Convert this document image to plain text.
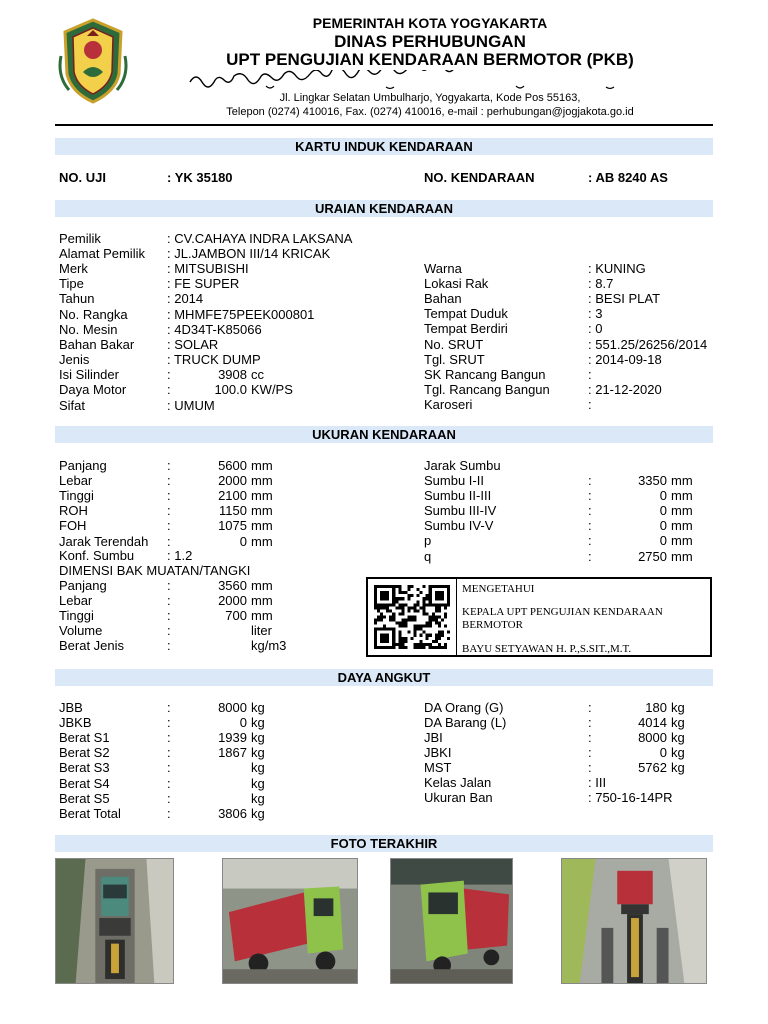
PEMERINTAH KOTA YOGYAKARTA
DINAS PERHUBUNGAN
UPT PENGUJIAN KENDARAAN BERMOTOR (PKB)
Jl. Lingkar Selatan Umbulharjo, Yogyakarta, Kode Pos 55163,
Telepon (0274) 410016, Fax. (0274) 410016, e-mail : perhubungan@jogjakota.go.id
KARTU INDUK KENDARAAN
NO. UJI	: YK 35180	NO. KENDARAAN	: AB 8240 AS
URAIAN KENDARAAN
Isi Silinder	:	3908 cc
Daya Motor	:	100.0 KW/PS
Sifat	: UMUM
UKURAN KENDARAAN
Konf. Sumbu	: 1.2
DIMENSI BAK MUATAN/TANGKI
Jarak Sumbu
MENGETAHUI
KEPALA UPT PENGUJIAN KENDARAAN
BERMOTOR
BAYU SETYAWAN H. P.,S.SIT.,M.T.
DAYA ANGKUT
FOTO TERAKHIR
Pemilik	: CV.CAHAYA INDRA LAKSANA
Alamat Pemilik : JL.JAMBON III/14 KRICAK
Merk	: MITSUBISHI
Tipe	: FE SUPER
Tahun	: 2014
No. Rangka	: MHMFE75PEEK000801
No. Mesin	: 4D34T-K85066
Bahan Bakar	: SOLAR
Jenis	: TRUCK DUMP
Warna	: KUNING
Lokasi Rak	: 8.7
Bahan	: BESI PLAT
Tempat Duduk	: 3
Tempat Berdiri	: 0
No. SRUT	: 551.25/26256/2014
Tgl. SRUT	: 2014-09-18
SK Rancang Bangun	:
Tgl. Rancang Bangun	: 21-12-2020
Karoseri	:
Panjang	:	5600 mm
Lebar	:	2000 mm
Tinggi	:	2100 mm
ROH	:	1150 mm
FOH	:	1075 mm
Jarak Terendah :	0 mm
Panjang	:	3560 mm
Lebar	:	2000 mm
Tinggi	:	700 mm
Volume	:	liter
Berat Jenis	:	kg/m3
Sumbu I-II	:	3350 mm
Sumbu II-III	:	0 mm
Sumbu III-IV	:	0 mm
Sumbu IV-V	:	0 mm
p	:	0 mm
q	:	2750 mm
JBB	:	8000 kg
JBKB	:	0 kg
Berat S1	:	1939 kg
Berat S2	:	1867 kg
Berat S3	:	kg
Berat S4	:	kg
Berat S5	:	kg
Berat Total	:	3806 kg
DA Orang (G)	:	180 kg
DA Barang (L)	:	4014 kg
JBI	:	8000 kg
JBKI	:	0 kg
MST	:	5762 kg
Kelas Jalan	: III
Ukuran Ban	: 750-16-14PR
